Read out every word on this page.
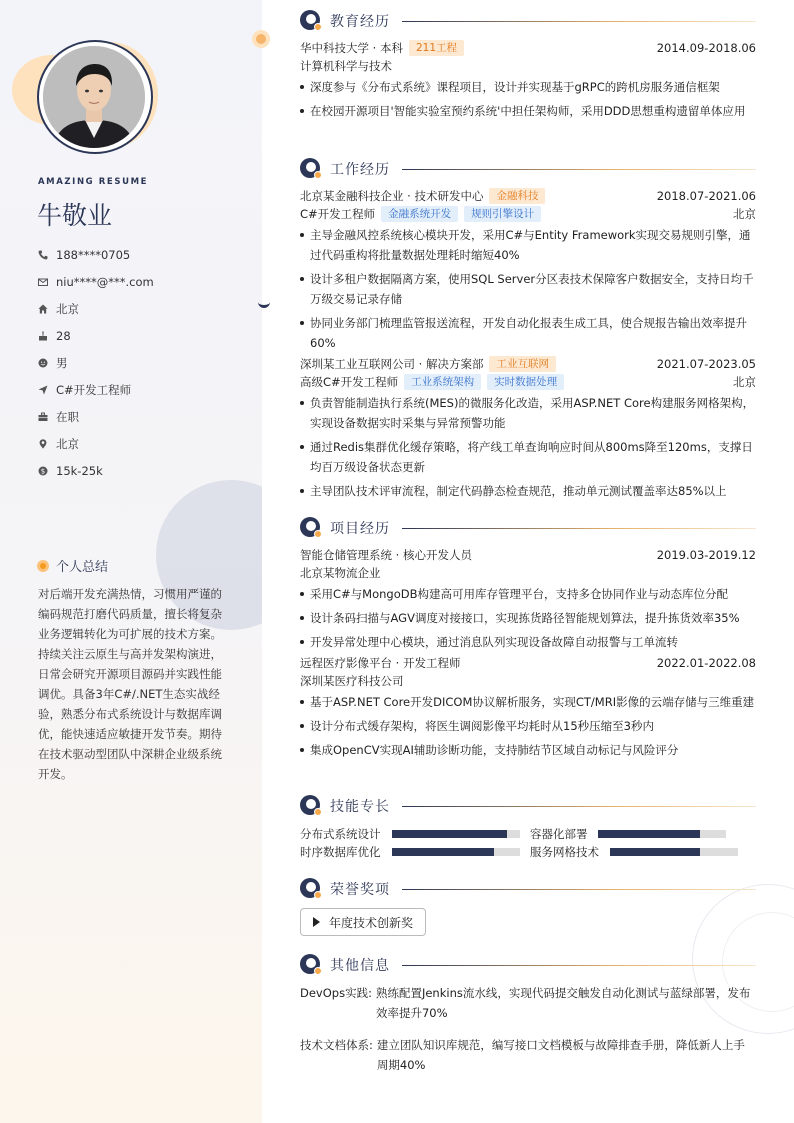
AMAZING RESUME
牛敬业
188****0705
niu****@***.com
北京
28
男
C#开发工程师
在职
北京
$ 15k-25k
个人总结
对后端开发充满热情，习惯用严谨的编码规范打磨代码质量，擅长将复杂业务逻辑转化为可扩展的技术方案。持续关注云原生与高并发架构演进，日常会研究开源项目源码并实践性能调优。具备3年C#/.NET生态实战经验，熟悉分布式系统设计与数据库调优，能快速适应敏捷开发节奏。期待在技术驱动型团队中深耕企业级系统开发。
教育经历
华中科技大学 · 本科	211工程	2014.09-2018.06
计算机科学与技术
深度参与《分布式系统》课程项目，设计并实现基于gRPC的跨机房服务通信框架
在校园开源项目'智能实验室预约系统'中担任架构师，采用DDD思想重构遗留单体应用
工作经历
北京某金融科技企业 · 技术研发中心	金融科技	2018.07-2021.06
C#开发工程师	金融系统开发	规则引擎设计	北京
主导金融风控系统核心模块开发，采用C#与Entity Framework实现交易规则引擎，通过代码重构将批量数据处理耗时缩短40%
设计多租户数据隔离方案，使用SQL Server分区表技术保障客户数据安全，支持日均千万级交易记录存储
协同业务部门梳理监管报送流程，开发自动化报表生成工具，使合规报告输出效率提升60%
深圳某工业互联网公司 · 解决方案部	工业互联网	2021.07-2023.05
高级C#开发工程师	工业系统架构	实时数据处理	北京
负责智能制造执行系统(MES)的微服务化改造，采用ASP.NET Core构建服务网格架构，实现设备数据实时采集与异常预警功能
通过Redis集群优化缓存策略，将产线工单查询响应时间从800ms降至120ms，支撑日均百万级设备状态更新
主导团队技术评审流程，制定代码静态检查规范，推动单元测试覆盖率达85%以上
项目经历
智能仓储管理系统 · 核心开发人员	2019.03-2019.12
北京某物流企业
采用C#与MongoDB构建高可用库存管理平台，支持多仓协同作业与动态库位分配
设计条码扫描与AGV调度对接接口，实现拣货路径智能规划算法，提升拣货效率35%
开发异常处理中心模块，通过消息队列实现设备故障自动报警与工单流转
远程医疗影像平台 · 开发工程师	2022.01-2022.08
深圳某医疗科技公司
基于ASP.NET Core开发DICOM协议解析服务，实现CT/MRI影像的云端存储与三维重建
设计分布式缓存架构，将医生调阅影像平均耗时从15秒压缩至3秒内
集成OpenCV实现AI辅助诊断功能，支持肺结节区域自动标记与风险评分
技能专长
分布式系统设计	容器化部署
时序数据库优化	服务网格技术
荣誉奖项
年度技术创新奖
其他信息
DevOps实践: 熟练配置Jenkins流水线，实现代码提交触发自动化测试与蓝绿部署，发布效率提升70%
技术文档体系: 建立团队知识库规范，编写接口文档模板与故障排查手册，降低新人上手周期40%
